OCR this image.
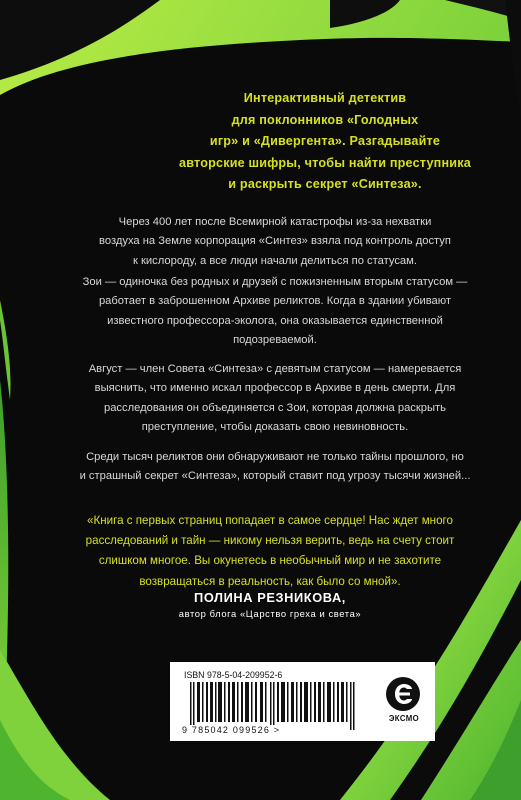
Интерактивный детектив
для поклонников «Голодных
игр» и «Дивергента». Разгадывайте
авторские шифры, чтобы найти преступника
и раскрыть секрет «Синтеза».
Через 400 лет после Всемирной катастрофы из-за нехватки
воздуха на Земле корпорация «Синтез» взяла под контроль доступ
к кислороду, а все люди начали делиться по статусам.
Зои — одиночка без родных и друзей с пожизненным вторым статусом —
работает в заброшенном Архиве реликтов. Когда в здании убивают
известного профессора-эколога, она оказывается единственной
подозреваемой.
Август — член Совета «Синтеза» с девятым статусом — намеревается
выяснить, что именно искал профессор в Архиве в день смерти. Для
расследования он объединяется с Зои, которая должна раскрыть
преступление, чтобы доказать свою невиновность.
Среди тысяч реликтов они обнаруживают не только тайны прошлого, но
и страшный секрет «Синтеза», который ставит под угрозу тысячи жизней...
«Книга с первых страниц попадает в самое сердце! Нас ждет много
расследований и тайн — никому нельзя верить, ведь на счету стоит
слишком многое. Вы окунетесь в необычный мир и не захотите
возвращаться в реальность, как было со мной».
ПОЛИНА РЕЗНИКОВА,
автор блога «Царство греха и света»
ISBN 978-5-04-209952-6
9 785042 099526 >
ЭКСМО
